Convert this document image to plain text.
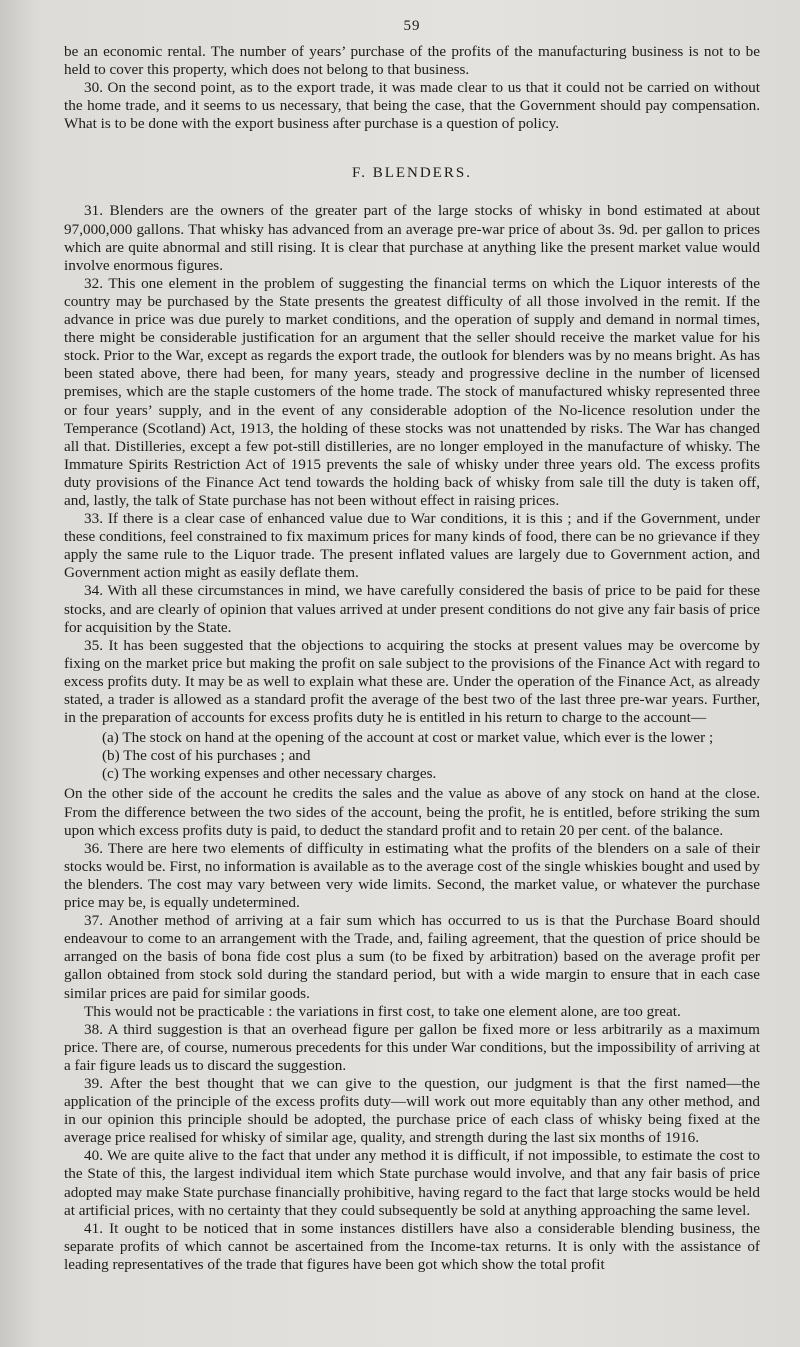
59

be an economic rental. The number of years’ purchase of the profits of the manufacturing business is not to be held to cover this property, which does not belong to that business.

30. On the second point, as to the export trade, it was made clear to us that it could not be carried on without the home trade, and it seems to us necessary, that being the case, that the Government should pay compensation. What is to be done with the export business after purchase is a question of policy.

F. BLENDERS.

31. Blenders are the owners of the greater part of the large stocks of whisky in bond estimated at about 97,000,000 gallons. That whisky has advanced from an average pre-war price of about 3s. 9d. per gallon to prices which are quite abnormal and still rising. It is clear that purchase at anything like the present market value would involve enormous figures.

32. This one element in the problem of suggesting the financial terms on which the Liquor interests of the country may be purchased by the State presents the greatest difficulty of all those involved in the remit. If the advance in price was due purely to market conditions, and the operation of supply and demand in normal times, there might be considerable justification for an argument that the seller should receive the market value for his stock. Prior to the War, except as regards the export trade, the outlook for blenders was by no means bright. As has been stated above, there had been, for many years, steady and progressive decline in the number of licensed premises, which are the staple customers of the home trade. The stock of manufactured whisky represented three or four years’ supply, and in the event of any considerable adoption of the No-licence resolution under the Temperance (Scotland) Act, 1913, the holding of these stocks was not unattended by risks. The War has changed all that. Distilleries, except a few pot-still distilleries, are no longer employed in the manufacture of whisky. The Immature Spirits Restriction Act of 1915 prevents the sale of whisky under three years old. The excess profits duty provisions of the Finance Act tend towards the holding back of whisky from sale till the duty is taken off, and, lastly, the talk of State purchase has not been without effect in raising prices.

33. If there is a clear case of enhanced value due to War conditions, it is this ; and if the Government, under these conditions, feel constrained to fix maximum prices for many kinds of food, there can be no grievance if they apply the same rule to the Liquor trade. The present inflated values are largely due to Government action, and Government action might as easily deflate them.

34. With all these circumstances in mind, we have carefully considered the basis of price to be paid for these stocks, and are clearly of opinion that values arrived at under present conditions do not give any fair basis of price for acquisition by the State.

35. It has been suggested that the objections to acquiring the stocks at present values may be overcome by fixing on the market price but making the profit on sale subject to the provisions of the Finance Act with regard to excess profits duty. It may be as well to explain what these are. Under the operation of the Finance Act, as already stated, a trader is allowed as a standard profit the average of the best two of the last three pre-war years. Further, in the preparation of accounts for excess profits duty he is entitled in his return to charge to the account—

(a) The stock on hand at the opening of the account at cost or market value, which ever is the lower ;

(b) The cost of his purchases ; and

(c) The working expenses and other necessary charges.

On the other side of the account he credits the sales and the value as above of any stock on hand at the close. From the difference between the two sides of the account, being the profit, he is entitled, before striking the sum upon which excess profits duty is paid, to deduct the standard profit and to retain 20 per cent. of the balance.

36. There are here two elements of difficulty in estimating what the profits of the blenders on a sale of their stocks would be. First, no information is available as to the average cost of the single whiskies bought and used by the blenders. The cost may vary between very wide limits. Second, the market value, or whatever the purchase price may be, is equally undetermined.

37. Another method of arriving at a fair sum which has occurred to us is that the Purchase Board should endeavour to come to an arrangement with the Trade, and, failing agreement, that the question of price should be arranged on the basis of bona fide cost plus a sum (to be fixed by arbitration) based on the average profit per gallon obtained from stock sold during the standard period, but with a wide margin to ensure that in each case similar prices are paid for similar goods.

This would not be practicable : the variations in first cost, to take one element alone, are too great.

38. A third suggestion is that an overhead figure per gallon be fixed more or less arbitrarily as a maximum price. There are, of course, numerous precedents for this under War conditions, but the impossibility of arriving at a fair figure leads us to discard the suggestion.

39. After the best thought that we can give to the question, our judgment is that the first named—the application of the principle of the excess profits duty—will work out more equitably than any other method, and in our opinion this principle should be adopted, the purchase price of each class of whisky being fixed at the average price realised for whisky of similar age, quality, and strength during the last six months of 1916.

40. We are quite alive to the fact that under any method it is difficult, if not impossible, to estimate the cost to the State of this, the largest individual item which State purchase would involve, and that any fair basis of price adopted may make State purchase financially prohibitive, having regard to the fact that large stocks would be held at artificial prices, with no certainty that they could subsequently be sold at anything approaching the same level.

41. It ought to be noticed that in some instances distillers have also a considerable blending business, the separate profits of which cannot be ascertained from the Income-tax returns. It is only with the assistance of leading representatives of the trade that figures have been got which show the total profit
